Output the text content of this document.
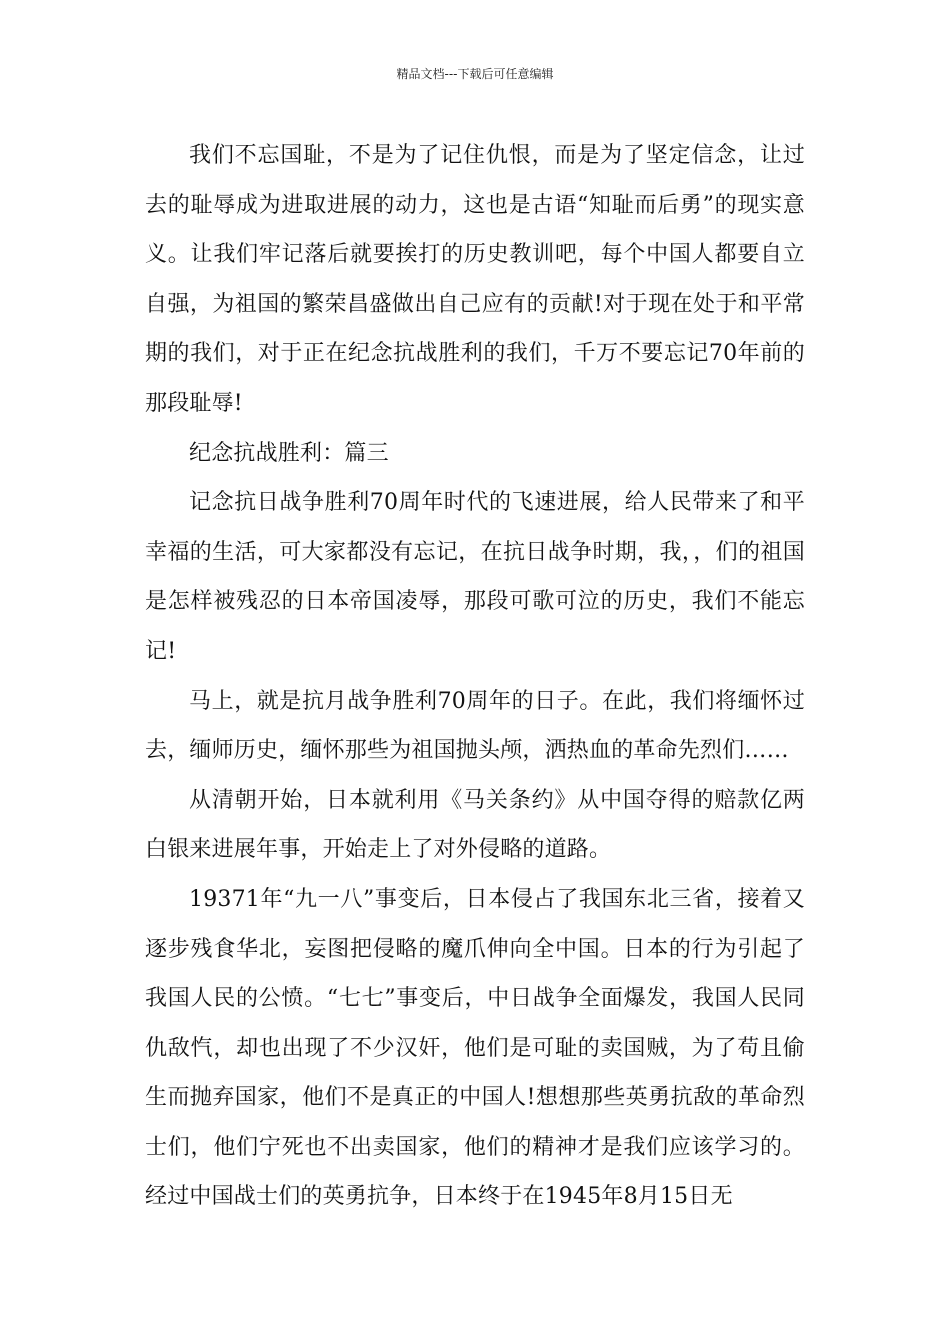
精品文档---下载后可任意编辑

我们不忘国耻，不是为了记住仇恨，而是为了坚定信念，让过去的耻辱成为进取进展的动力，这也是古语“知耻而后勇”的现实意义。让我们牢记落后就要挨打的历史教训吧，每个中国人都要自立自强，为祖国的繁荣昌盛做出自己应有的贡献!对于现在处于和平常期的我们，对于正在纪念抗战胜利的我们，千万不要忘记70年前的那段耻辱!

纪念抗战胜利：篇三

记念抗日战争胜利70周年时代的飞速进展，给人民带来了和平幸福的生活，可大家都没有忘记，在抗日战争时期，我，，们的祖国是怎样被残忍的日本帝国凌辱，那段可歌可泣的历史，我们不能忘记!

马上，就是抗月战争胜利70周年的日子。在此，我们将缅怀过去，缅师历史，缅怀那些为祖国抛头颅，洒热血的革命先烈们……

从清朝开始，日本就利用《马关条约》从中国夺得的赔款亿两白银来进展年事，开始走上了对外侵略的道路。

19371年“九一八”事变后，日本侵占了我国东北三省，接着又逐步残食华北，妄图把侵略的魔爪伸向全中国。日本的行为引起了我国人民的公愤。“七七”事变后，中日战争全面爆发，我国人民同仇敌忾，却也出现了不少汉奸，他们是可耻的卖国贼，为了苟且偷生而抛弃国家，他们不是真正的中国人!想想那些英勇抗敌的革命烈士们，他们宁死也不出卖国家，他们的精神才是我们应该学习的。经过中国战士们的英勇抗争，日本终于在1945年8月15日无
